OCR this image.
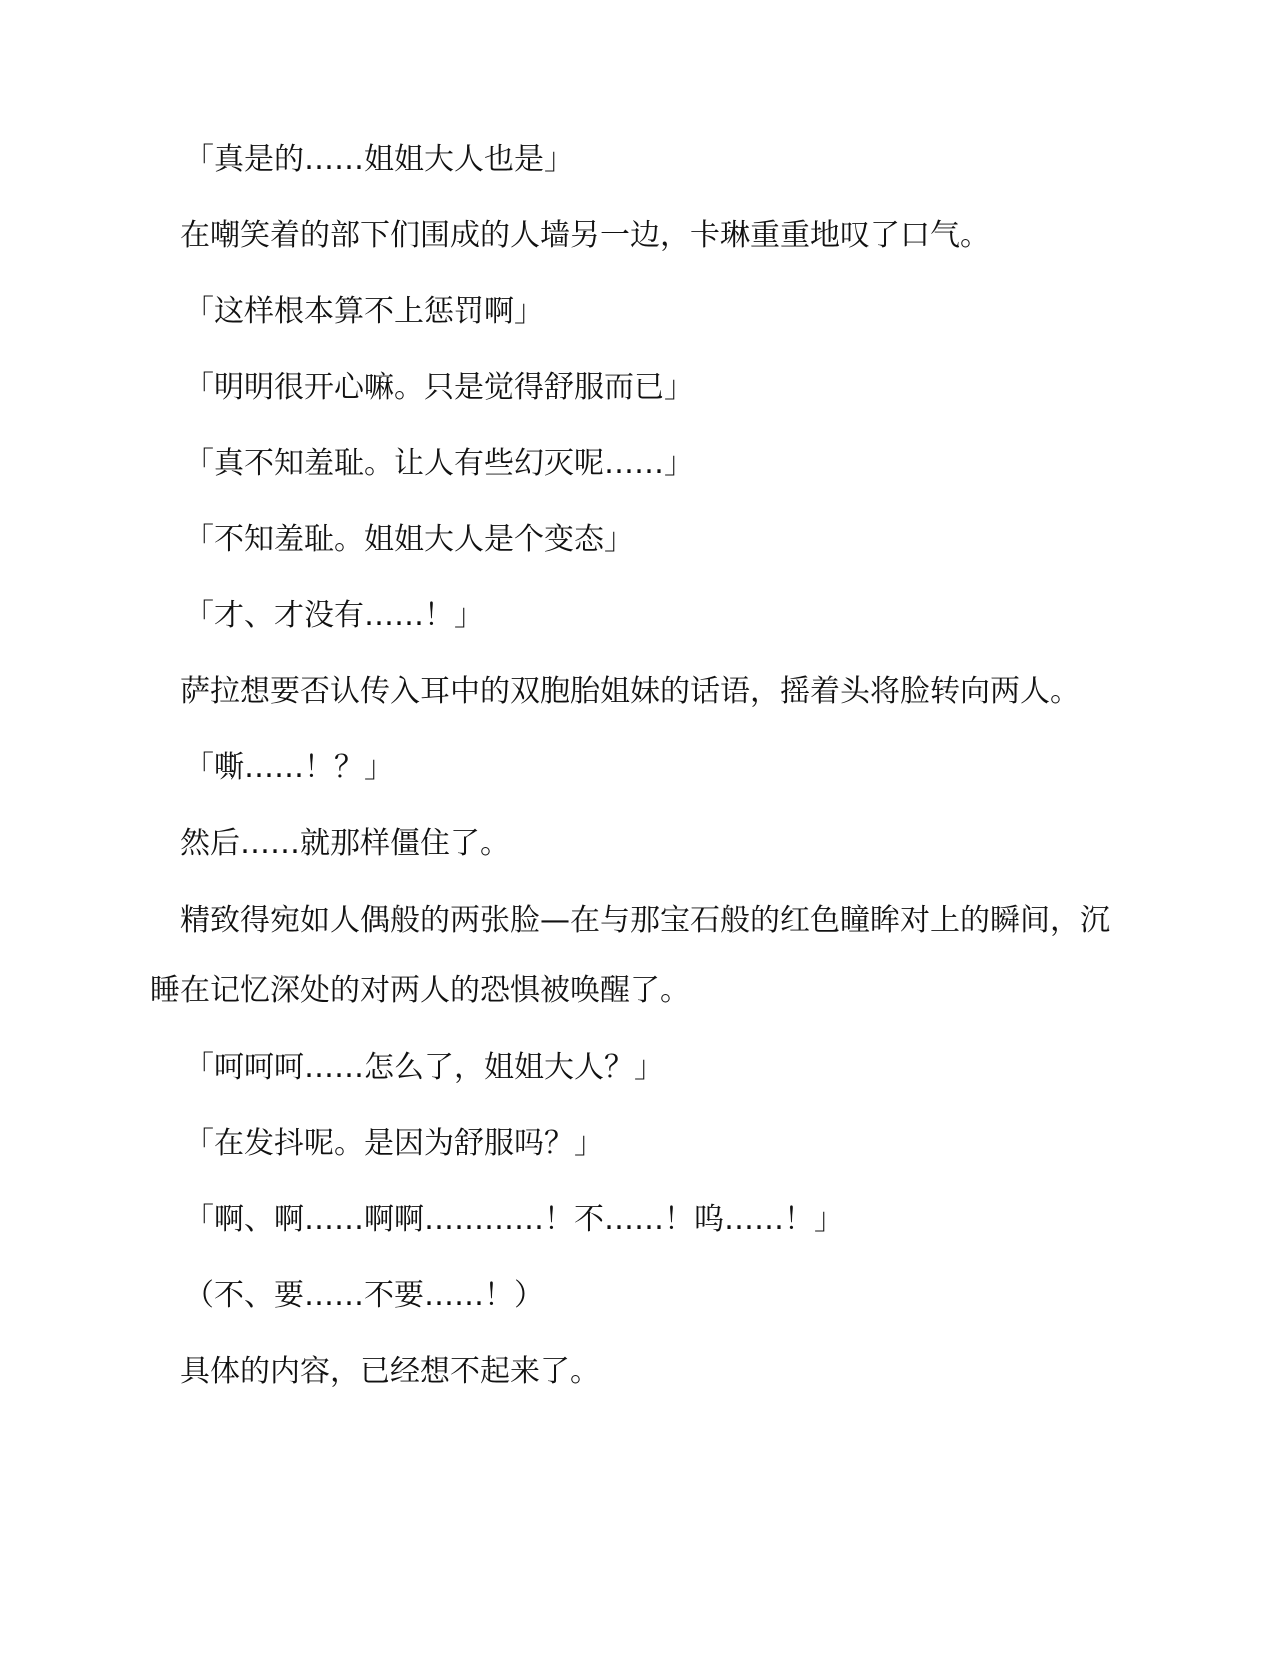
「真是的……姐姐大人也是」

在嘲笑着的部下们围成的人墙另一边，卡琳重重地叹了口气。

「这样根本算不上惩罚啊」

「明明很开心嘛。只是觉得舒服而已」

「真不知羞耻。让人有些幻灭呢……」

「不知羞耻。姐姐大人是个变态」

「才、才没有……！」

萨拉想要否认传入耳中的双胞胎姐妹的话语，摇着头将脸转向两人。

「嘶……！？」

然后……就那样僵住了。

精致得宛如人偶般的两张脸—在与那宝石般的红色瞳眸对上的瞬间，沉睡在记忆深处的对两人的恐惧被唤醒了。

「呵呵呵……怎么了，姐姐大人？」

「在发抖呢。是因为舒服吗？」

「啊、啊……啊啊…………！不……！呜……！」

（不、要……不要……！）

具体的内容，已经想不起来了。
